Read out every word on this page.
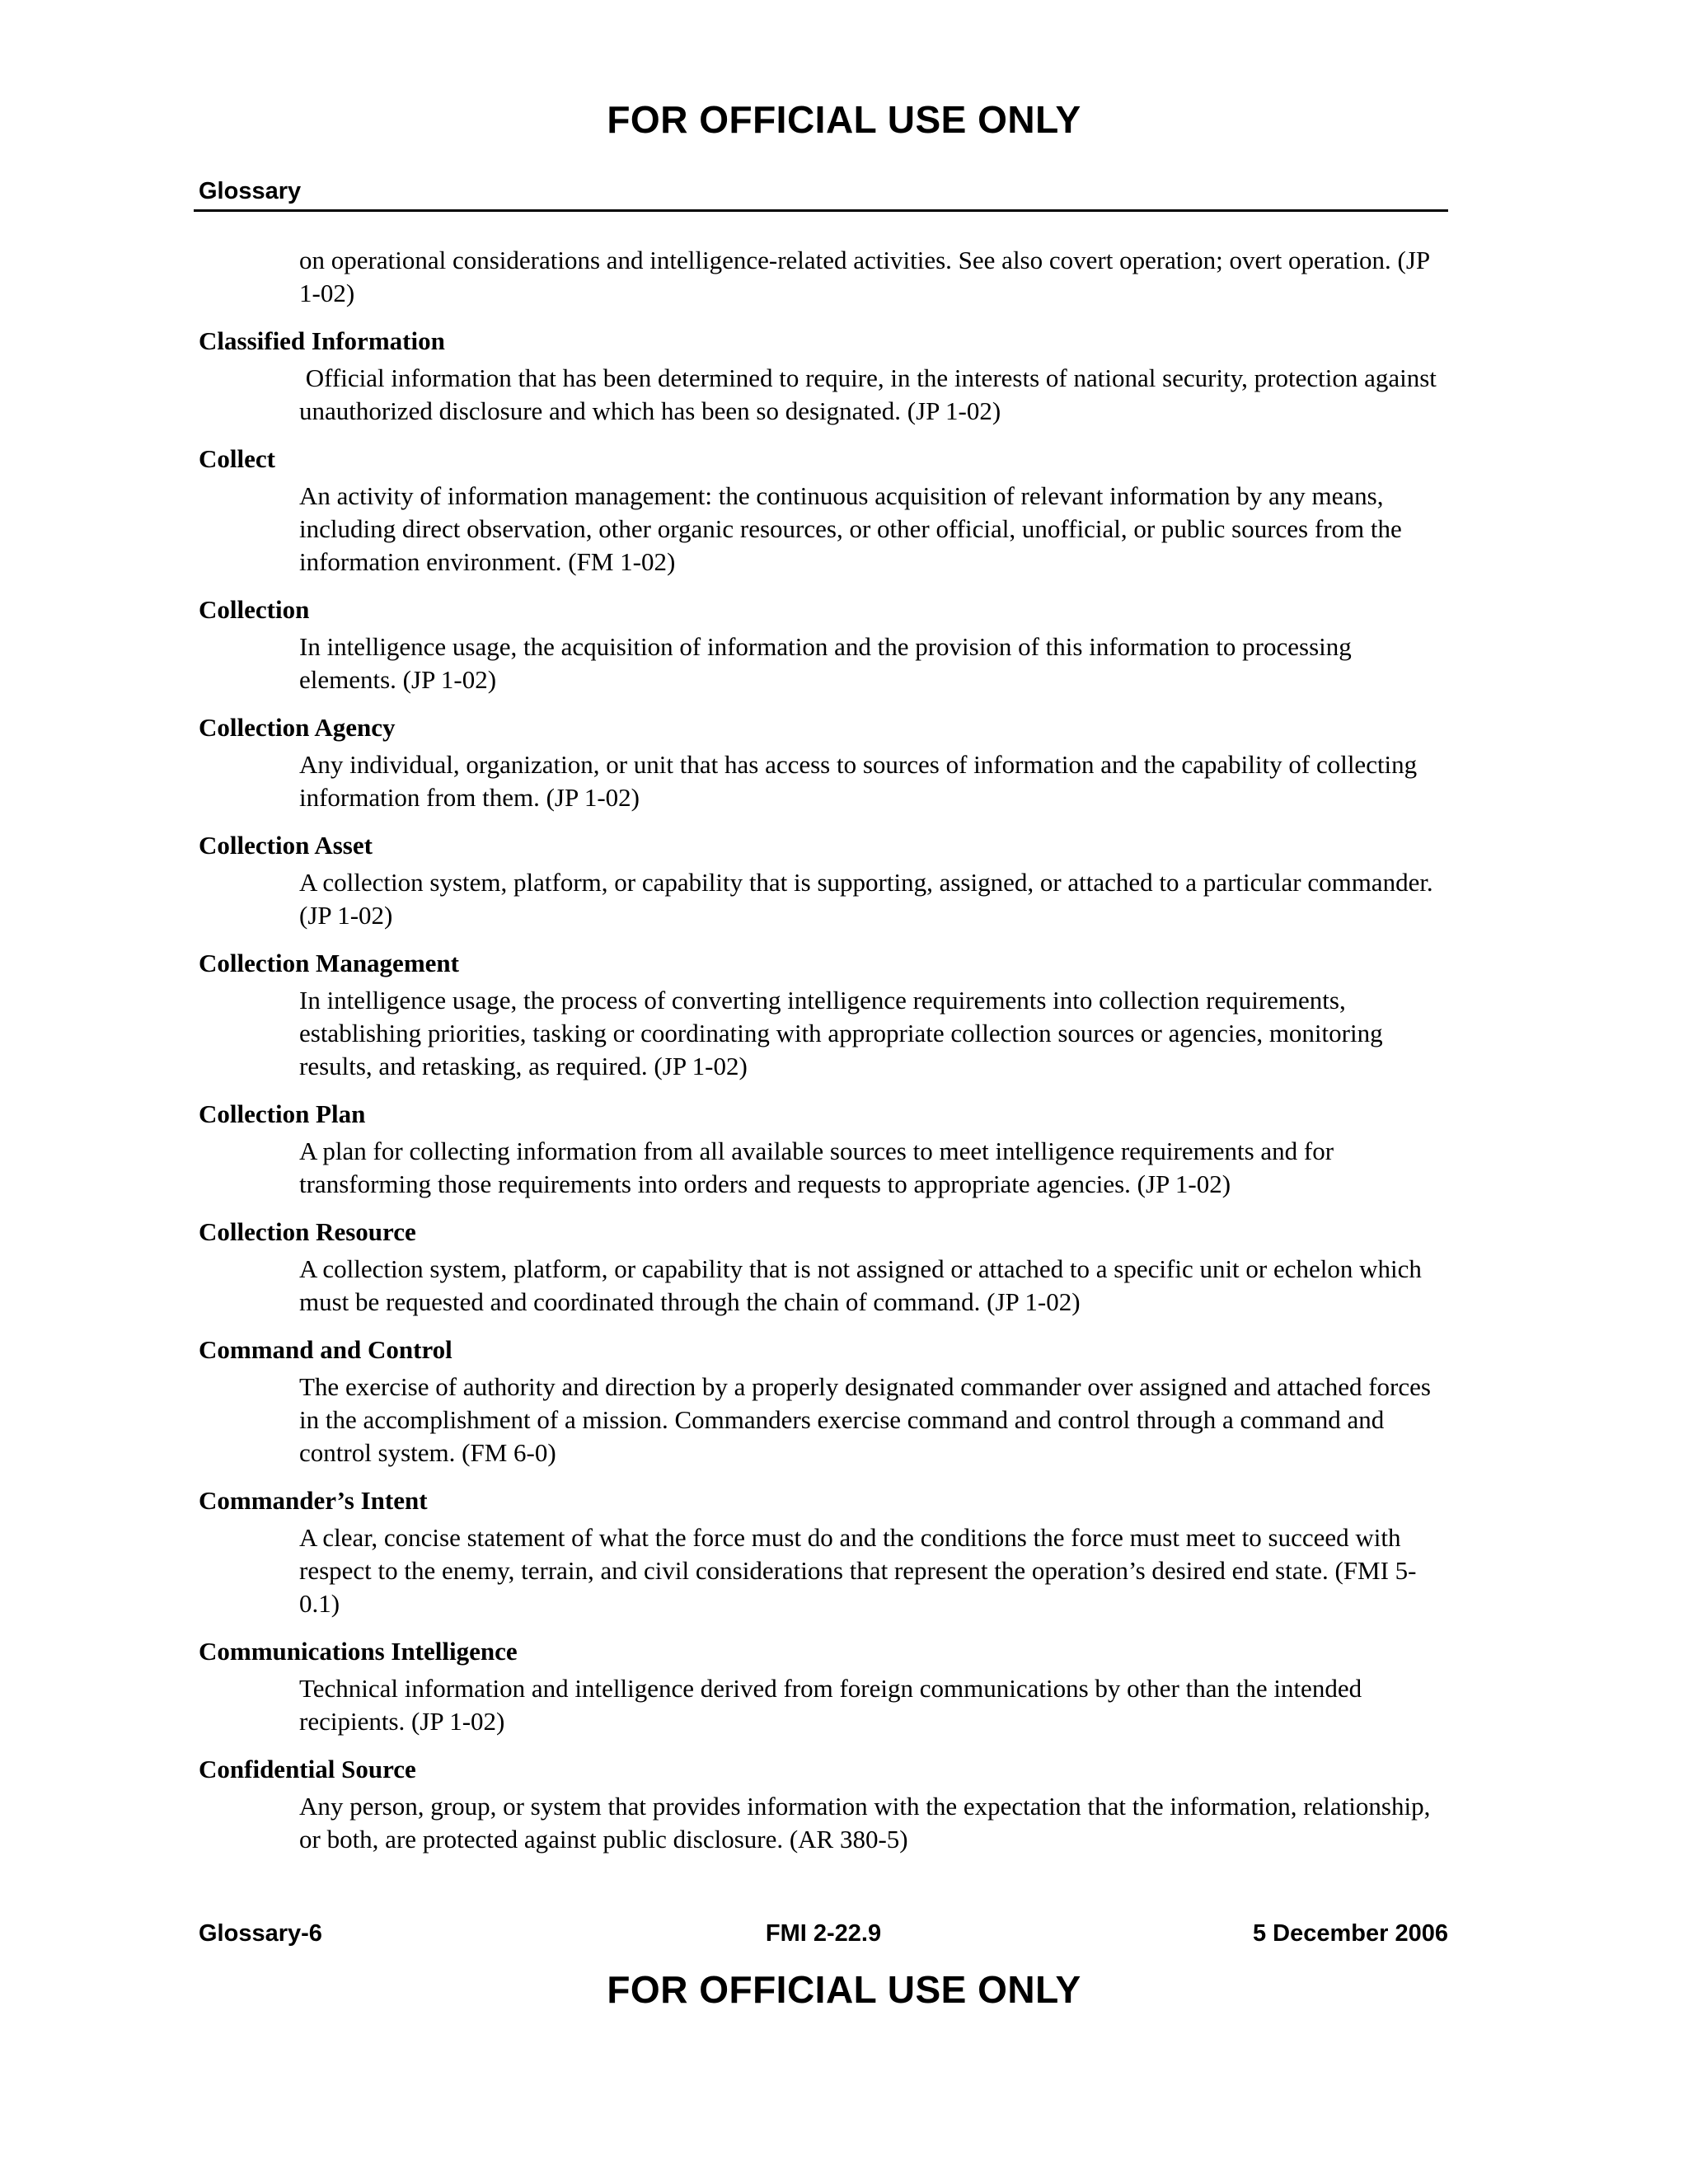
FOR OFFICIAL USE ONLY
Glossary
on operational considerations and intelligence-related activities. See also covert operation; overt operation. (JP 1-02)
Classified Information
Official information that has been determined to require, in the interests of national security, protection against unauthorized disclosure and which has been so designated. (JP 1-02)
Collect
An activity of information management: the continuous acquisition of relevant information by any means, including direct observation, other organic resources, or other official, unofficial, or public sources from the information environment. (FM 1-02)
Collection
In intelligence usage, the acquisition of information and the provision of this information to processing elements. (JP 1-02)
Collection Agency
Any individual, organization, or unit that has access to sources of information and the capability of collecting information from them. (JP 1-02)
Collection Asset
A collection system, platform, or capability that is supporting, assigned, or attached to a particular commander. (JP 1-02)
Collection Management
In intelligence usage, the process of converting intelligence requirements into collection requirements, establishing priorities, tasking or coordinating with appropriate collection sources or agencies, monitoring results, and retasking, as required. (JP 1-02)
Collection Plan
A plan for collecting information from all available sources to meet intelligence requirements and for transforming those requirements into orders and requests to appropriate agencies. (JP 1-02)
Collection Resource
A collection system, platform, or capability that is not assigned or attached to a specific unit or echelon which must be requested and coordinated through the chain of command. (JP 1-02)
Command and Control
The exercise of authority and direction by a properly designated commander over assigned and attached forces in the accomplishment of a mission. Commanders exercise command and control through a command and control system. (FM 6-0)
Commander’s Intent
A clear, concise statement of what the force must do and the conditions the force must meet to succeed with respect to the enemy, terrain, and civil considerations that represent the operation’s desired end state. (FMI 5-0.1)
Communications Intelligence
Technical information and intelligence derived from foreign communications by other than the intended recipients. (JP 1-02)
Confidential Source
Any person, group, or system that provides information with the expectation that the information, relationship, or both, are protected against public disclosure. (AR 380-5)
Glossary-6	FMI 2-22.9	5 December 2006
FOR OFFICIAL USE ONLY
